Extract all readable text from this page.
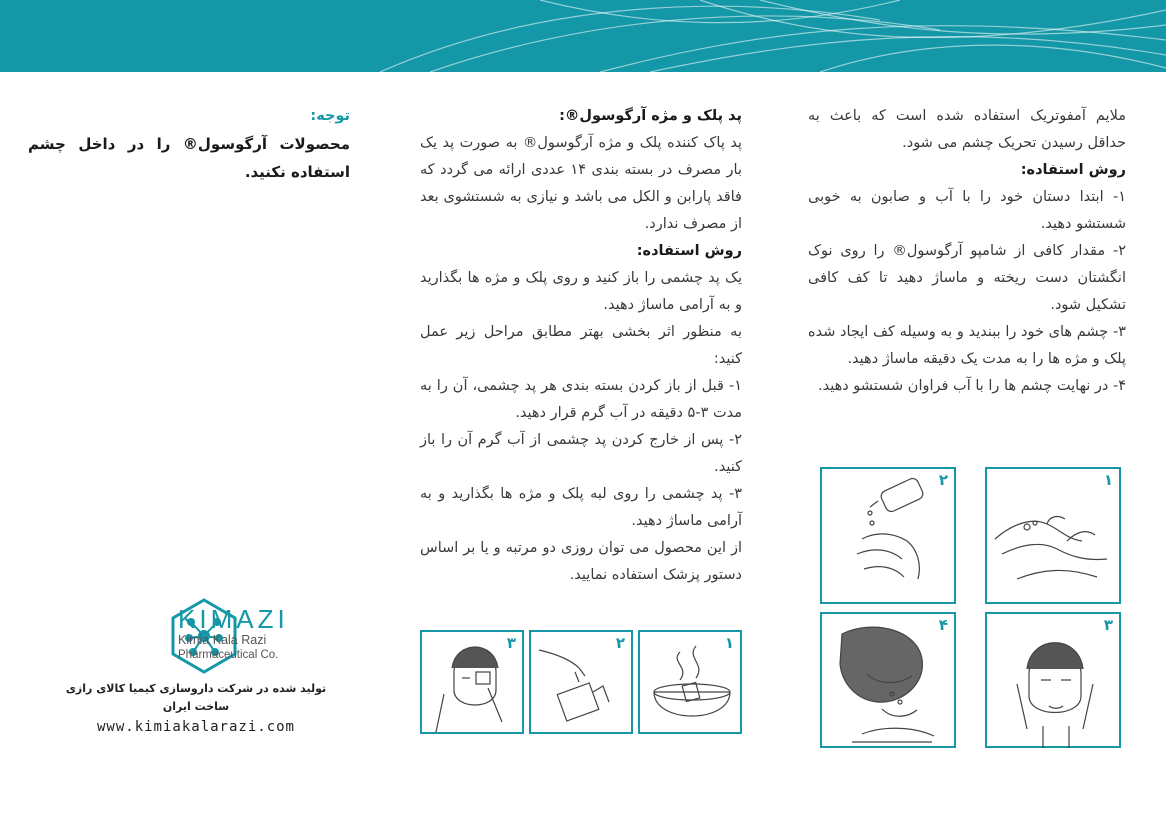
ملایم آمفوتریک استفاده شده است که باعث به حداقل رسیدن تحریک چشم می شود.

روش استفاده:

۱- ابتدا دستان خود را با آب و صابون به خوبی شستشو دهید.

۲- مقدار کافی از شامپو آرگوسول® را روی نوک انگشتان دست ریخته و ماساژ دهید تا کف کافی تشکیل شود.

۳- چشم های خود را ببندید و به وسیله کف ایجاد شده پلک و مژه ها را به مدت یک دقیقه ماساژ دهید.

۴- در نهایت چشم ها را با آب فراوان شستشو دهید.

۱
۲
۳
۴

پد پلک و مژه آرگوسول®:

پد پاک کننده پلک و مژه آرگوسول® به صورت پد یک بار مصرف در بسته بندی ۱۴ عددی ارائه می گردد که فاقد پارابن و الکل می باشد و نیازی به شستشوی بعد از مصرف ندارد.

روش استفاده:

یک پد چشمی را باز کنید و روی پلک و مژه ها بگذارید و به آرامی ماساژ دهید.

به منظور اثر بخشی بهتر مطابق مراحل زیر عمل کنید:

۱- قبل از باز کردن بسته بندی هر پد چشمی، آن را به مدت ۳-۵ دقیقه در آب گرم قرار دهید.

۲- پس از خارج کردن پد چشمی از آب گرم آن را باز کنید.

۳- پد چشمی را روی لبه پلک و مژه ها بگذارید و به آرامی ماساژ دهید.

از این محصول می توان روزی دو مرتبه و یا بر اساس دستور پزشک استفاده نمایید.

۱
۲
۳

توجه:

محصولات آرگوسول® را در داخل چشم استفاده نکنید.

KIMAZI
Kimia Kala Razi
Pharmaceutical Co.
تولید شده در شرکت داروسازی کیمیا کالای رازی
ساخت ایران
www.kimiakalarazi.com
